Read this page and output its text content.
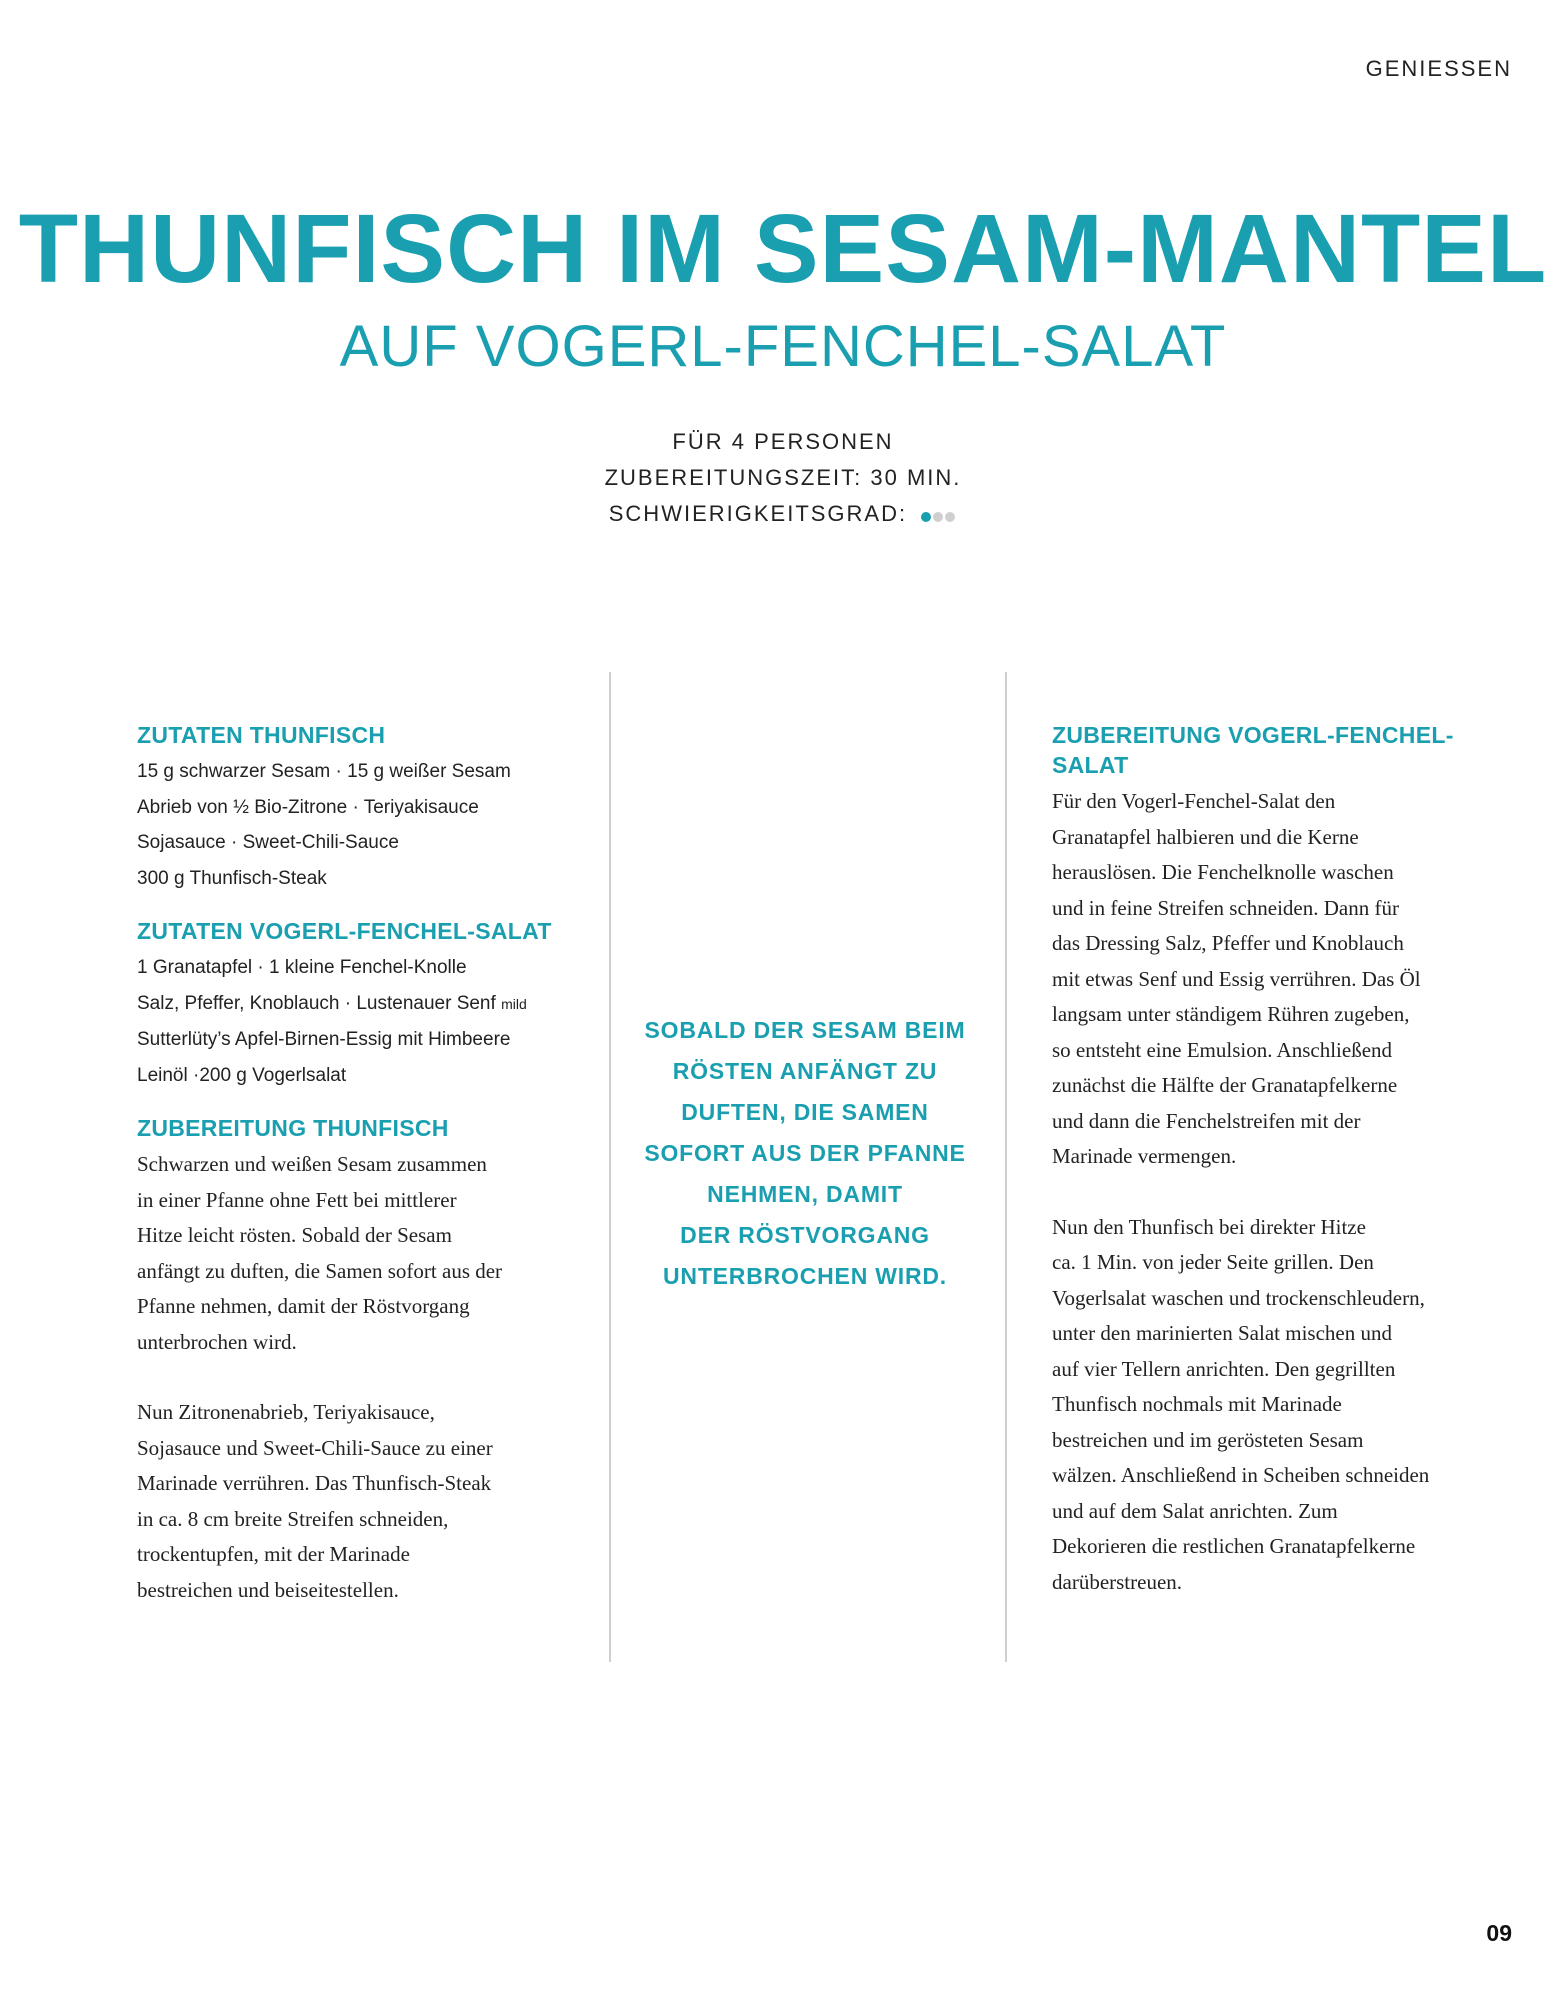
GENIESSEN
THUNFISCH IM SESAM-MANTEL
AUF VOGERL-FENCHEL-SALAT
FÜR 4 PERSONEN
ZUBEREITUNGSZEIT: 30 MIN.
SCHWIERIGKEITSGRAD:
ZUTATEN THUNFISCH

15 g schwarzer Sesam · 15 g weißer Sesam

Abrieb von ½ Bio-Zitrone · Teriyakisauce

Sojasauce · Sweet-Chili-Sauce

300 g Thunfisch-Steak

ZUTATEN VOGERL-FENCHEL-SALAT

1 Granatapfel · 1 kleine Fenchel-Knolle

Salz, Pfeffer, Knoblauch · Lustenauer Senf mild

Sutterlüty’s Apfel-Birnen-Essig mit Himbeere

Leinöl ·200 g Vogerlsalat

ZUBEREITUNG THUNFISCH

Schwarzen und weißen Sesam zusammen

in einer Pfanne ohne Fett bei mittlerer

Hitze leicht rösten. Sobald der Sesam

anfängt zu duften, die Samen sofort aus der

Pfanne nehmen, damit der Röstvorgang

unterbrochen wird.

Nun Zitronenabrieb, Teriyakisauce,

Sojasauce und Sweet-Chili-Sauce zu einer

Marinade verrühren. Das Thunfisch-Steak

in ca. 8 cm breite Streifen schneiden,

trockentupfen, mit der Marinade

bestreichen und beiseitestellen.

SOBALD DER SESAM BEIM

RÖSTEN ANFÄNGT ZU

DUFTEN, DIE SAMEN

SOFORT AUS DER PFANNE

NEHMEN, DAMIT

DER RÖSTVORGANG

UNTERBROCHEN WIRD.

ZUBEREITUNG VOGERL-FENCHEL-SALAT

Für den Vogerl-Fenchel-Salat den

Granatapfel halbieren und die Kerne

herauslösen. Die Fenchelknolle waschen

und in feine Streifen schneiden. Dann für

das Dressing Salz, Pfeffer und Knoblauch

mit etwas Senf und Essig verrühren. Das Öl

langsam unter ständigem Rühren zugeben,

so entsteht eine Emulsion. Anschließend

zunächst die Hälfte der Granatapfelkerne

und dann die Fenchelstreifen mit der

Marinade vermengen.

Nun den Thunfisch bei direkter Hitze

ca. 1 Min. von jeder Seite grillen. Den

Vogerlsalat waschen und trockenschleudern,

unter den marinierten Salat mischen und

auf vier Tellern anrichten. Den gegrillten

Thunfisch nochmals mit Marinade

bestreichen und im gerösteten Sesam

wälzen. Anschließend in Scheiben schneiden

und auf dem Salat anrichten. Zum

Dekorieren die restlichen Granatapfelkerne

darüberstreuen.

09
